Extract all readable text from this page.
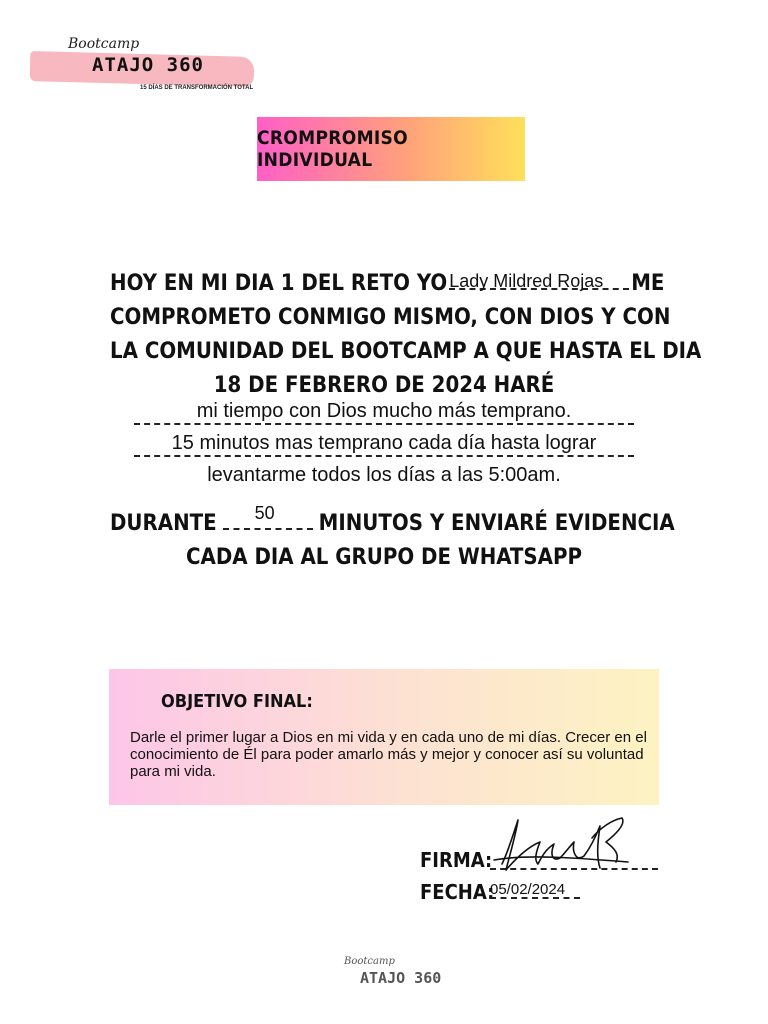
Bootcamp
ATAJO 360
15 DÍAS DE TRANSFORMACIÓN TOTAL
CROMPROMISO INDIVIDUAL
HOY EN MI DIA 1 DEL RETO YO Lady Mildred Rojas ME
COMPROMETO CONMIGO MISMO, CON DIOS Y CON
LA COMUNIDAD DEL BOOTCAMP A QUE HASTA EL DIA
18 DE FEBRERO DE 2024 HARÉ
mi tiempo con Dios mucho más temprano.
15 minutos mas temprano cada día hasta lograr
levantarme todos los días a las 5:00am.
DURANTE 50 MINUTOS Y ENVIARÉ EVIDENCIA
CADA DIA AL GRUPO DE WHATSAPP
OBJETIVO FINAL:
Darle el primer lugar a Dios en mi vida y en cada uno de mi días. Crecer en el conocimiento de Él para poder amarlo más y mejor y conocer así su voluntad para mi vida.
FIRMA:
FECHA:
05/02/2024
Bootcamp
ATAJO 360
